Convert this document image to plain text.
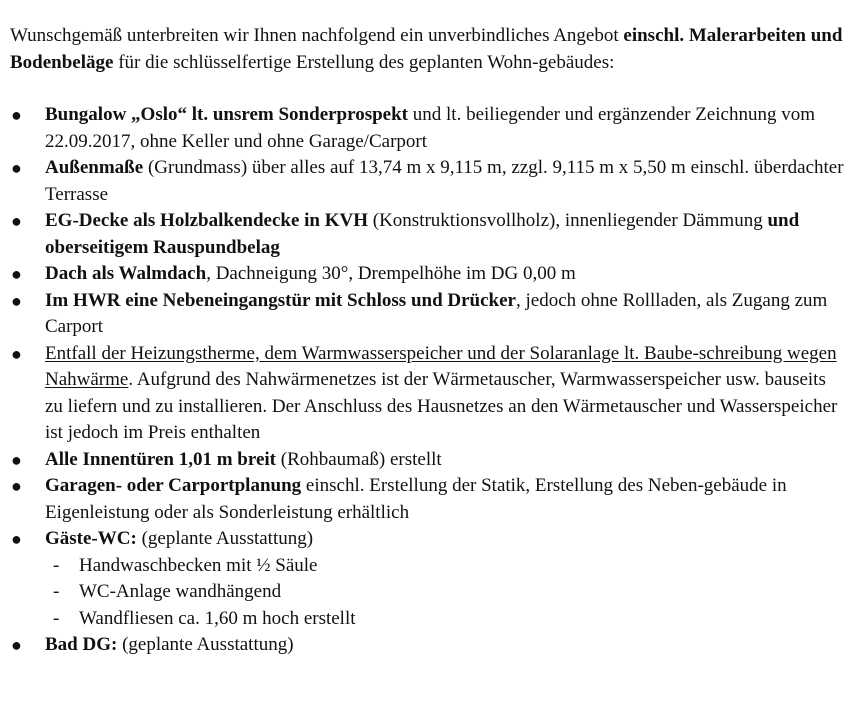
Wunschgemäß unterbreiten wir Ihnen nachfolgend ein unverbindliches Angebot einschl. Malerarbeiten und Bodenbeläge für die schlüsselfertige Erstellung des geplanten Wohn-gebäudes:

● Bungalow „Oslo“ lt. unsrem Sonderprospekt und lt. beiliegender und ergänzender Zeichnung vom 22.09.2017, ohne Keller und ohne Garage/Carport
● Außenmaße (Grundmass) über alles auf 13,74 m x 9,115 m, zzgl. 9,115 m x 5,50 m einschl. überdachter Terrasse
● EG-Decke als Holzbalkendecke in KVH (Konstruktionsvollholz), innenliegender Dämmung und oberseitigem Rauspundbelag
● Dach als Walmdach, Dachneigung 30°, Drempelhöhe im DG 0,00 m
● Im HWR eine Nebeneingangstür mit Schloss und Drücker, jedoch ohne Rollladen, als Zugang zum Carport
● Entfall der Heizungstherme, dem Warmwasserspeicher und der Solaranlage lt. Baube-schreibung wegen Nahwärme. Aufgrund des Nahwärmenetzes ist der Wärmetauscher, Warmwasserspeicher usw. bauseits zu liefern und zu installieren. Der Anschluss des Hausnetzes an den Wärmetauscher und Wasserspeicher ist jedoch im Preis enthalten
● Alle Innentüren 1,01 m breit (Rohbaumaß) erstellt
● Garagen- oder Carportplanung einschl. Erstellung der Statik, Erstellung des Neben-gebäude in Eigenleistung oder als Sonderleistung erhältlich
● Gäste-WC: (geplante Ausstattung)
- Handwaschbecken mit ½ Säule
- WC-Anlage wandhängend
- Wandfliesen ca. 1,60 m hoch erstellt
● Bad DG: (geplante Ausstattung)
